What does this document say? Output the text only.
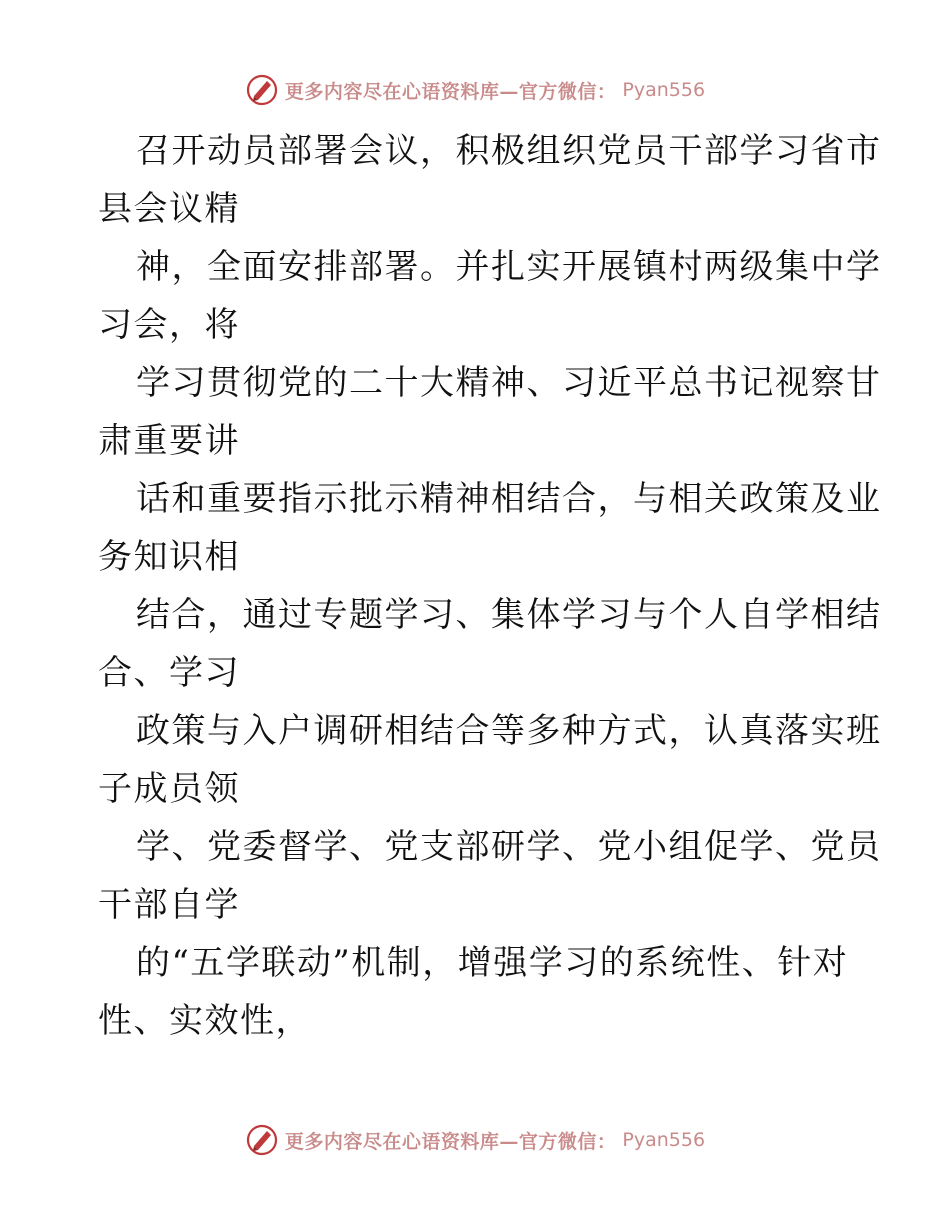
更多内容尽在心语资料库—官方微信： Pyan556
召开动员部署会议，积极组织党员干部学习省市
县会议精
神，全面安排部署。并扎实开展镇村两级集中学
习会，将
学习贯彻党的二十大精神、习近平总书记视察甘
肃重要讲
话和重要指示批示精神相结合，与相关政策及业
务知识相
结合，通过专题学习、集体学习与个人自学相结
合、学习
政策与入户调研相结合等多种方式，认真落实班
子成员领
学、党委督学、党支部研学、党小组促学、党员
干部自学
的“五学联动”机制，增强学习的系统性、针对
性、实效性，
更多内容尽在心语资料库—官方微信： Pyan556
